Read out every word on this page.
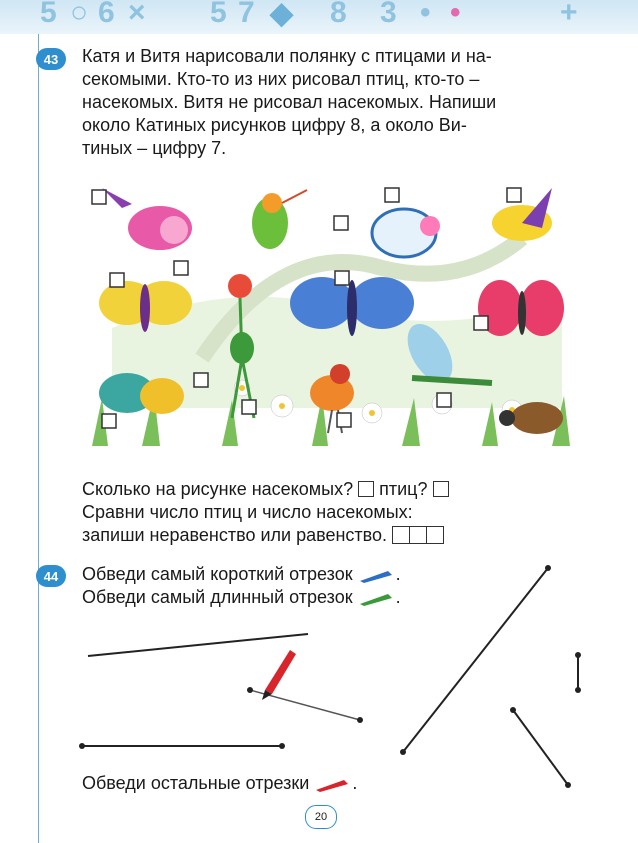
5 ○ 6 × 5 7 ◆ 8 3 • •	+
43	Катя и Витя нарисовали полянку с птицами и на-
секомыми. Кто-то из них рисовал птиц, кто-то –
насекомых. Витя не рисовал насекомых. Напиши
около Катиных рисунков цифру 8, а около Ви-
тиных – цифру 7.
Сколько на рисунке насекомых? птиц?
Сравни число птиц и число насекомых:
запиши неравенство или равенство.
44	Обведи самый короткий отрезок .
Обведи самый длинный отрезок .
Обведи остальные отрезки .
20
